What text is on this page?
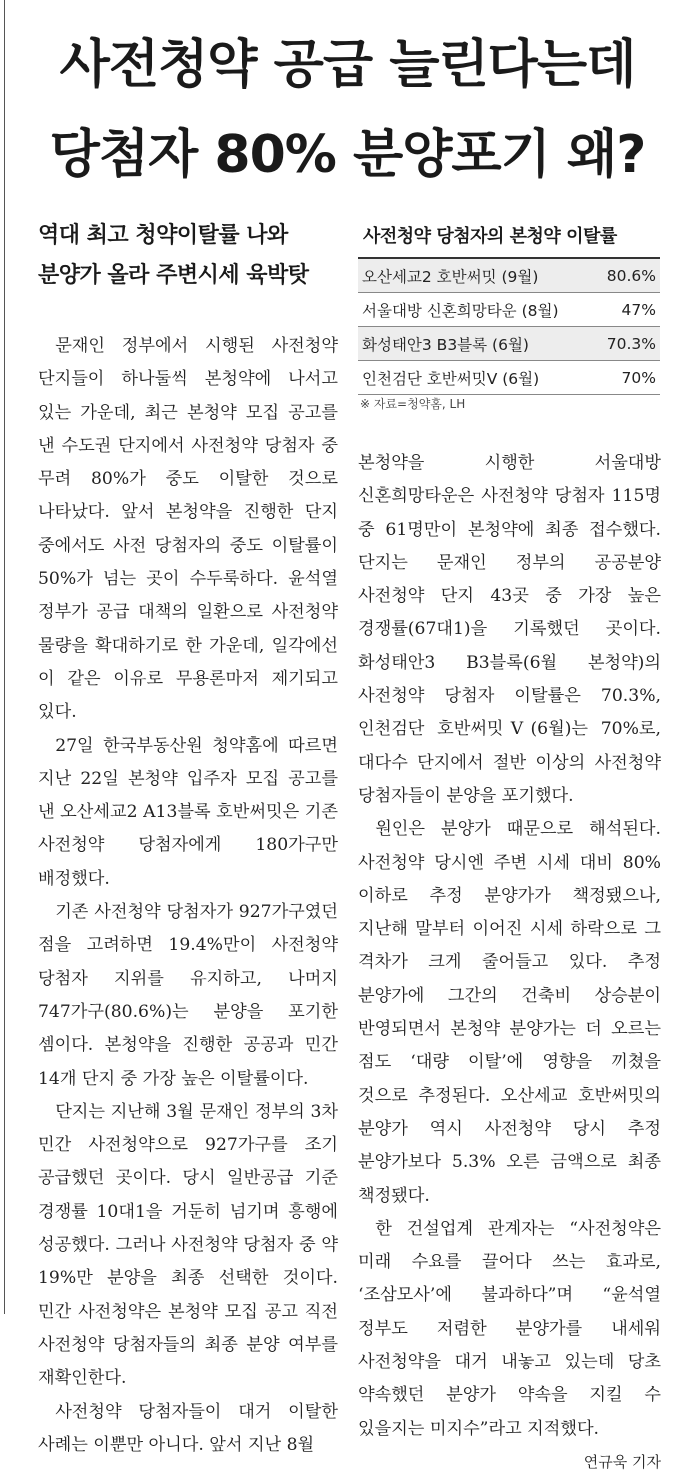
사전청약 공급 늘린다는데
당첨자 80% 분양포기 왜?
역대 최고 청약이탈률 나와
분양가 올라 주변시세 육박탓
사전청약 당첨자의 본청약 이탈률
오산세교2 호반써밋 (9월)	80.6%
서울대방 신혼희망타운 (8월)	47%
화성태안3 B3블록 (6월)	70.3%
인천검단 호반써밋Ⅴ (6월)	70%
※ 자료=청약홈, LH

문재인 정부에서 시행된 사전청약 단지들이 하나둘씩 본청약에 나서고 있는 가운데, 최근 본청약 모집 공고를 낸 수도권 단지에서 사전청약 당첨자 중 무려 80%가 중도 이탈한 것으로 나타났다. 앞서 본청약을 진행한 단지 중에서도 사전 당첨자의 중도 이탈률이 50%가 넘는 곳이 수두룩하다. 윤석열 정부가 공급 대책의 일환으로 사전청약 물량을 확대하기로 한 가운데, 일각에선 이 같은 이유로 무용론마저 제기되고 있다.

27일 한국부동산원 청약홈에 따르면 지난 22일 본청약 입주자 모집 공고를 낸 오산세교2 A13블록 호반써밋은 기존 사전청약 당첨자에게 180가구만 배정했다.

기존 사전청약 당첨자가 927가구였던 점을 고려하면 19.4%만이 사전청약 당첨자 지위를 유지하고, 나머지 747가구(80.6%)는 분양을 포기한 셈이다. 본청약을 진행한 공공과 민간 14개 단지 중 가장 높은 이탈률이다.

단지는 지난해 3월 문재인 정부의 3차 민간 사전청약으로 927가구를 조기 공급했던 곳이다. 당시 일반공급 기준 경쟁률 10대1을 거둔히 넘기며 흥행에 성공했다. 그러나 사전청약 당첨자 중 약 19%만 분양을 최종 선택한 것이다. 민간 사전청약은 본청약 모집 공고 직전 사전청약 당첨자들의 최종 분양 여부를 재확인한다.

사전청약 당첨자들이 대거 이탈한 사례는 이뿐만 아니다. 앞서 지난 8월

본청약을 시행한 서울대방 신혼희망타운은 사전청약 당첨자 115명 중 61명만이 본청약에 최종 접수했다. 단지는 문재인 정부의 공공분양 사전청약 단지 43곳 중 가장 높은 경쟁률(67대1)을 기록했던 곳이다. 화성태안3 B3블록(6월 본청약)의 사전청약 당첨자 이탈률은 70.3%, 인천검단 호반써밋Ⅴ(6월)는 70%로, 대다수 단지에서 절반 이상의 사전청약 당첨자들이 분양을 포기했다.

원인은 분양가 때문으로 해석된다. 사전청약 당시엔 주변 시세 대비 80% 이하로 추정 분양가가 책정됐으나, 지난해 말부터 이어진 시세 하락으로 그 격차가 크게 줄어들고 있다. 추정 분양가에 그간의 건축비 상승분이 반영되면서 본청약 분양가는 더 오르는 점도 ‘대량 이탈’에 영향을 끼쳤을 것으로 추정된다. 오산세교 호반써밋의 분양가 역시 사전청약 당시 추정 분양가보다 5.3% 오른 금액으로 최종 책정됐다.

한 건설업계 관계자는 “사전청약은 미래 수요를 끌어다 쓰는 효과로, ‘조삼모사’에 불과하다”며 “윤석열 정부도 저렴한 분양가를 내세워 사전청약을 대거 내놓고 있는데 당초 약속했던 분양가 약속을 지킬 수 있을지는 미지수”라고 지적했다.

연규욱 기자
